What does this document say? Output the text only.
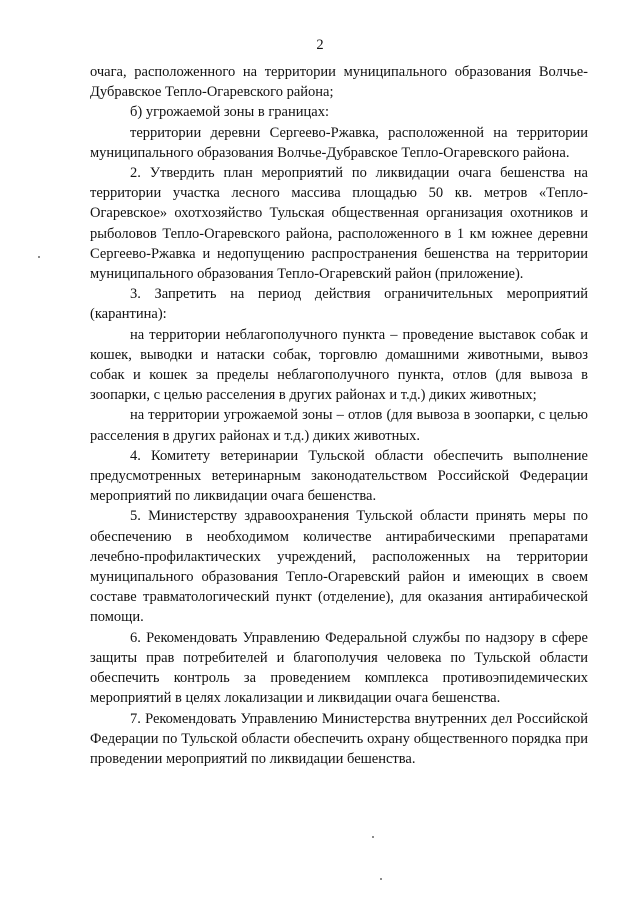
2

очага, расположенного на территории муниципального образования Волчье-Дубравское Тепло-Огаревского района;

б) угрожаемой зоны в границах:

территории деревни Сергеево-Ржавка, расположенной на территории муниципального образования Волчье-Дубравское Тепло-Огаревского района.

2. Утвердить план мероприятий по ликвидации очага бешенства на территории участка лесного массива площадью 50 кв. метров «Тепло-Огаревское» охотхозяйство Тульская общественная организация охотников и рыболовов Тепло-Огаревского района, расположенного в 1 км южнее деревни Сергеево-Ржавка и недопущению распространения бешенства на территории муниципального образования Тепло-Огаревский район (приложение).

3. Запретить на период действия ограничительных мероприятий (карантина):

на территории неблагополучного пункта – проведение выставок собак и кошек, выводки и натаски собак, торговлю домашними животными, вывоз собак и кошек за пределы неблагополучного пункта, отлов (для вывоза в зоопарки, с целью расселения в других районах и т.д.) диких животных;

на территории угрожаемой зоны – отлов (для вывоза в зоопарки, с целью расселения в других районах и т.д.) диких животных.

4. Комитету ветеринарии Тульской области обеспечить выполнение предусмотренных ветеринарным законодательством Российской Федерации мероприятий по ликвидации очага бешенства.

5. Министерству здравоохранения Тульской области принять меры по обеспечению в необходимом количестве антирабическими препаратами лечебно-профилактических учреждений, расположенных на территории муниципального образования Тепло-Огаревский район и имеющих в своем составе травматологический пункт (отделение), для оказания антирабической помощи.

6. Рекомендовать Управлению Федеральной службы по надзору в сфере защиты прав потребителей и благополучия человека по Тульской области обеспечить контроль за проведением комплекса противоэпидемических мероприятий в целях локализации и ликвидации очага бешенства.

7. Рекомендовать Управлению Министерства внутренних дел Российской Федерации по Тульской области обеспечить охрану общественного порядка при проведении мероприятий по ликвидации бешенства.
